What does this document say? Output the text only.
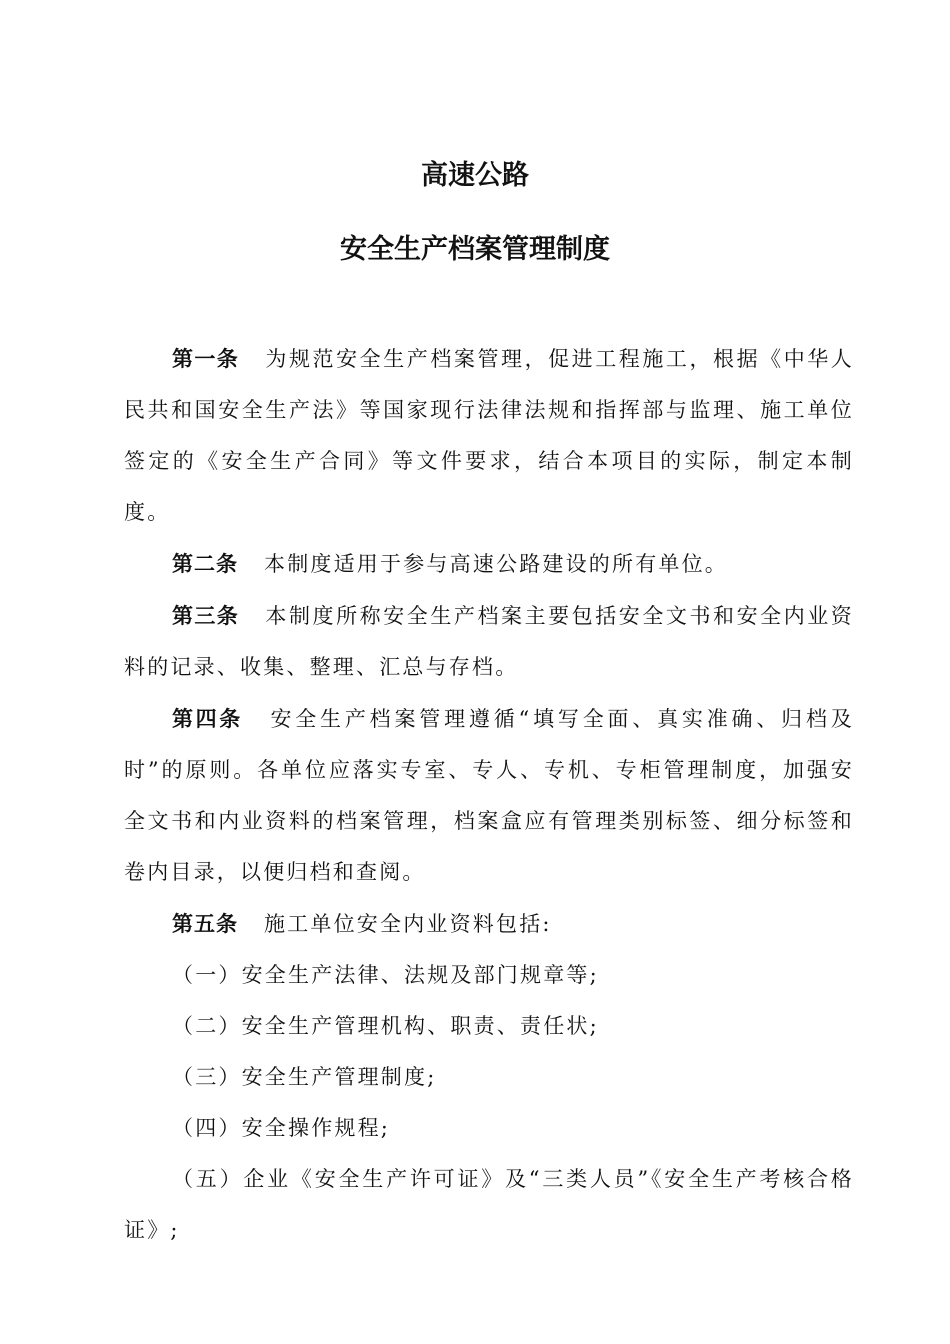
高速公路
安全生产档案管理制度

第一条 为规范安全生产档案管理，促进工程施工，根据《中华人民共和国安全生产法》等国家现行法律法规和指挥部与监理、施工单位签定的《安全生产合同》等文件要求，结合本项目的实际，制定本制度。

第二条 本制度适用于参与高速公路建设的所有单位。

第三条 本制度所称安全生产档案主要包括安全文书和安全内业资料的记录、收集、整理、汇总与存档。

第四条 安全生产档案管理遵循“填写全面、真实准确、归档及时”的原则。各单位应落实专室、专人、专机、专柜管理制度，加强安全文书和内业资料的档案管理，档案盒应有管理类别标签、细分标签和卷内目录，以便归档和查阅。

第五条 施工单位安全内业资料包括:

（一）安全生产法律、法规及部门规章等;

（二）安全生产管理机构、职责、责任状;

（三）安全生产管理制度;

（四）安全操作规程;

（五）企业《安全生产许可证》及“三类人员”《安全生产考核合格证》;
